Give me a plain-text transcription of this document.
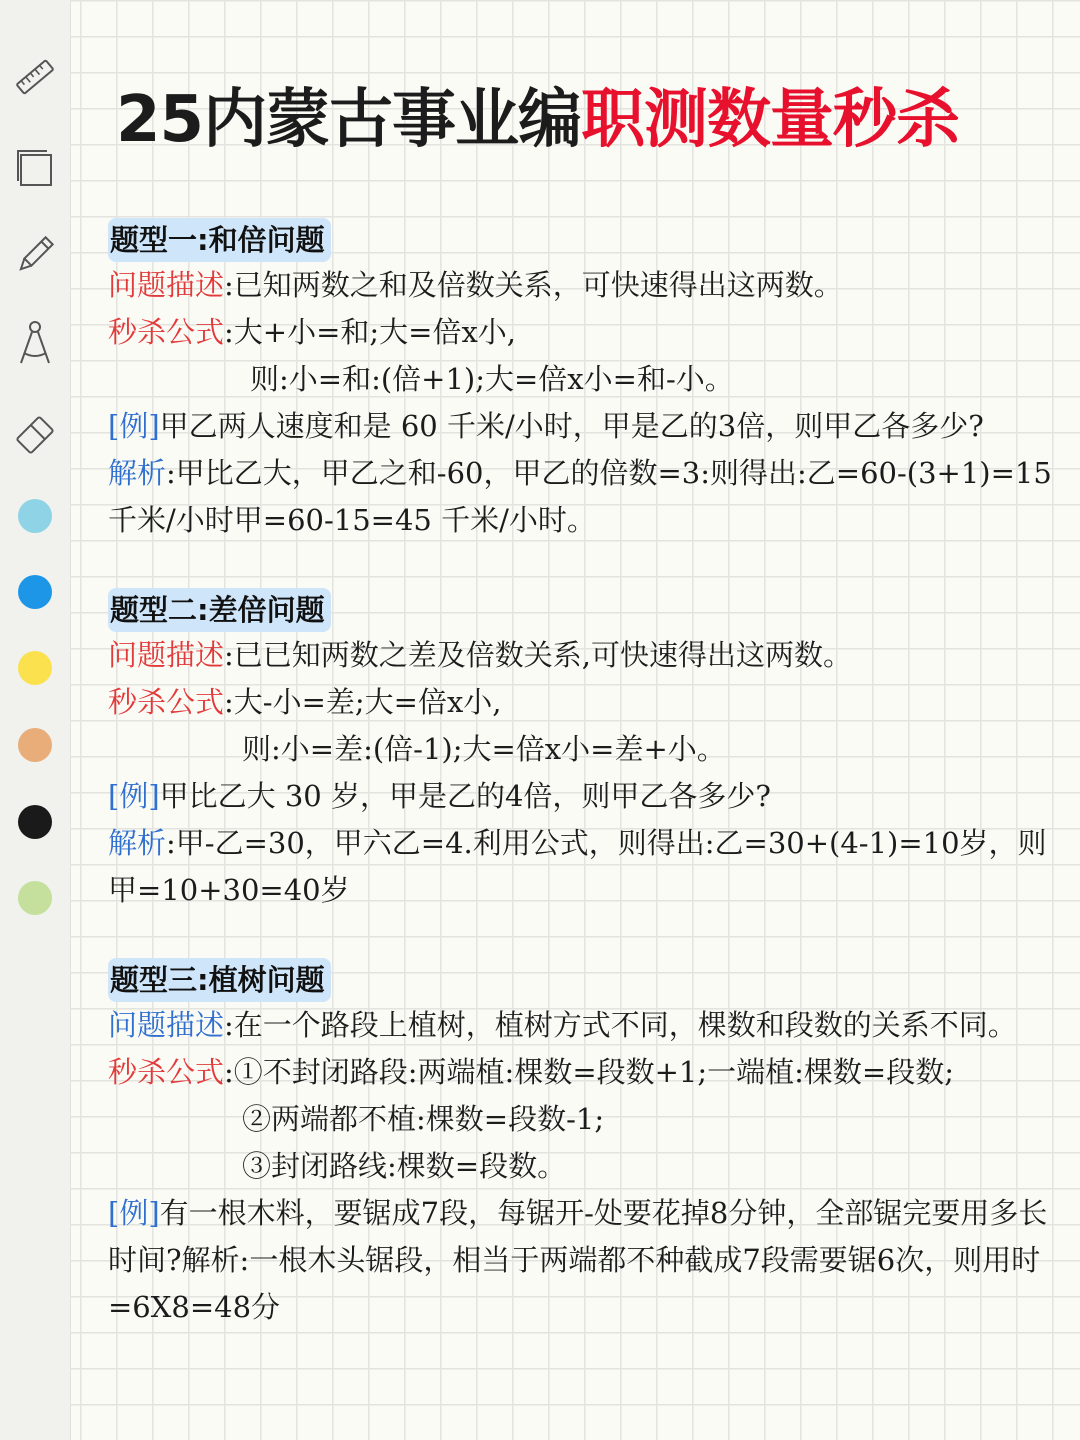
25内蒙古事业编职测数量秒杀
题型一:和倍问题
问题描述:已知两数之和及倍数关系，可快速得出这两数。
秒杀公式:大+小=和;大=倍x小,
则:小=和:(倍+1);大=倍x小=和-小。
[例]甲乙两人速度和是 60 千米/小时，甲是乙的3倍，则甲乙各多少?
解析:甲比乙大，甲乙之和-60，甲乙的倍数=3:则得出:乙=60-(3+1)=15 千米/小时甲=60-15=45 千米/小时。
题型二:差倍问题
问题描述:已已知两数之差及倍数关系,可快速得出这两数。
秒杀公式:大-小=差;大=倍x小,
则:小=差:(倍-1);大=倍x小=差+小。
[例]甲比乙大 30 岁，甲是乙的4倍，则甲乙各多少?
解析:甲-乙=30，甲六乙=4.利用公式，则得出:乙=30+(4-1)=10岁，则甲=10+30=40岁
题型三:植树问题
问题描述:在一个路段上植树，植树方式不同，棵数和段数的关系不同。
秒杀公式:①不封闭路段:两端植:棵数=段数+1;一端植:棵数=段数;
②两端都不植:棵数=段数-1;
③封闭路线:棵数=段数。
[例]有一根木料，要锯成7段，每锯开-处要花掉8分钟，全部锯完要用多长时间?解析:一根木头锯段，相当于两端都不种截成7段需要锯6次，则用时=6X8=48分
